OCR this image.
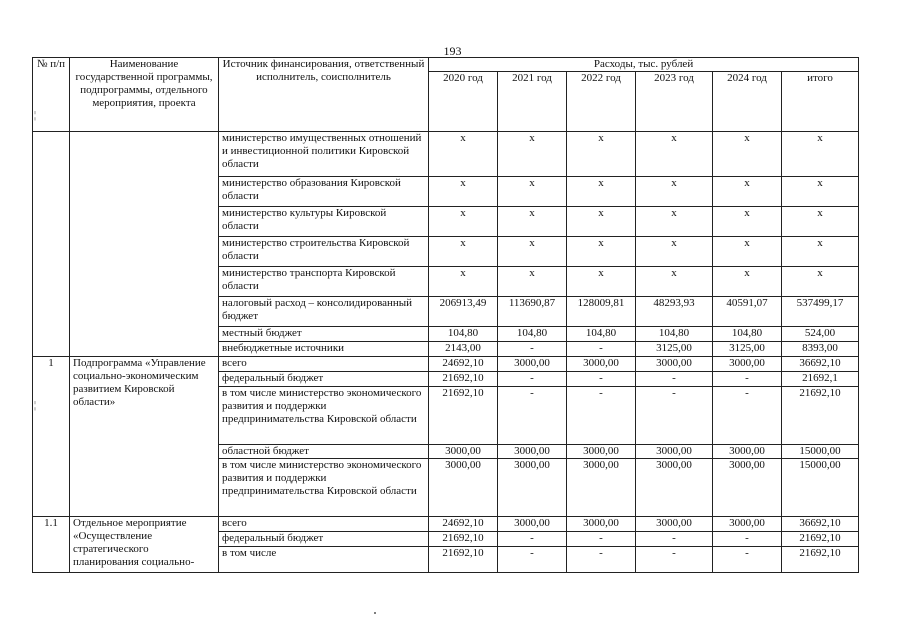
193
№ п/п	Наименование государственной программы, подпрограммы, отдельного мероприятия, проекта	Источник финансирования, ответственный исполнитель, соисполнитель	Расходы, тыс. рублей					
			2020 год	2021 год	2022 год	2023 год	2024 год	итого
		министерство имущественных отношений и инвестиционной политики Кировской области	х	х	х	х	х	х
		министерство образования Кировской области	х	х	х	х	х	х
		министерство культуры Кировской области	х	х	х	х	х	х
		министерство строительства Кировской области	х	х	х	х	х	х
		министерство транспорта Кировской области	х	х	х	х	х	х
		налоговый расход – консолидированный бюджет	206913,49	113690,87	128009,81	48293,93	40591,07	537499,17
		местный бюджет	104,80	104,80	104,80	104,80	104,80	524,00
		внебюджетные источники	2143,00	-	-	3125,00	3125,00	8393,00
1	Подпрограмма «Управление социально-экономическим развитием Кировской области»	всего	24692,10	3000,00	3000,00	3000,00	3000,00	36692,10
		федеральный бюджет	21692,10	-	-	-	-	21692,1
		в том числе министерство экономического развития и поддержки предпринимательства Кировской области	21692,10	-	-	-	-	21692,10
		областной бюджет	3000,00	3000,00	3000,00	3000,00	3000,00	15000,00
		в том числе министерство экономического развития и поддержки предпринимательства Кировской области	3000,00	3000,00	3000,00	3000,00	3000,00	15000,00
1.1	Отдельное мероприятие «Осуществление стратегического планирования социально-	всего	24692,10	3000,00	3000,00	3000,00	3000,00	36692,10
		федеральный бюджет	21692,10	-	-	-	-	21692,10
		в том числе	21692,10	-	-	-	-	21692,10
¦
¦
